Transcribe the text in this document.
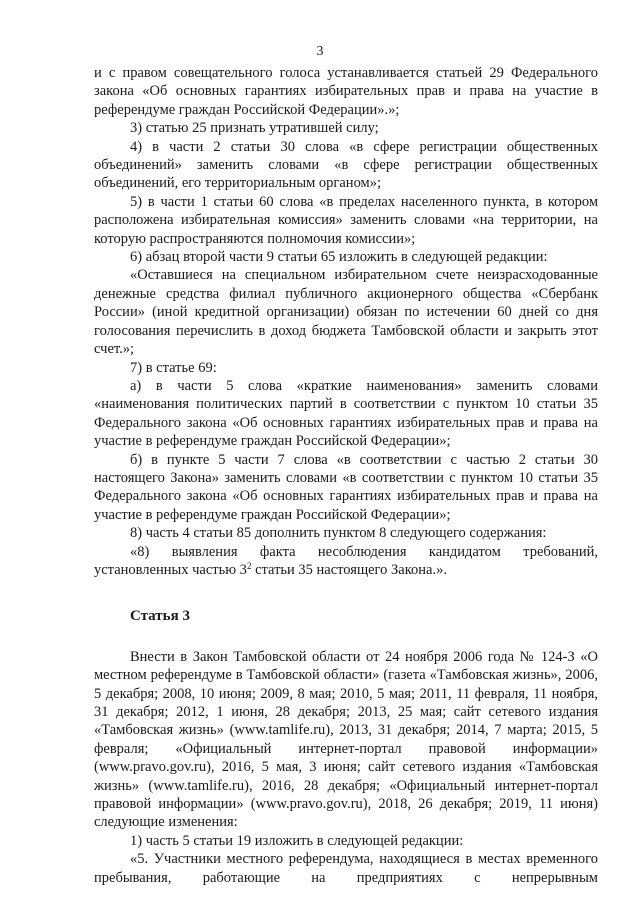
3

и с правом совещательного голоса устанавливается статьей 29 Федерального закона «Об основных гарантиях избирательных прав и права на участие в референдуме граждан Российской Федерации».»;

3) статью 25 признать утратившей силу;

4) в части 2 статьи 30 слова «в сфере регистрации общественных объединений» заменить словами «в сфере регистрации общественных объединений, его территориальным органом»;

5) в части 1 статьи 60 слова «в пределах населенного пункта, в котором расположена избирательная комиссия» заменить словами «на территории, на которую распространяются полномочия комиссии»;

6) абзац второй части 9 статьи 65 изложить в следующей редакции:

«Оставшиеся на специальном избирательном счете неизрасходованные денежные средства филиал публичного акционерного общества «Сбербанк России» (иной кредитной организации) обязан по истечении 60 дней со дня голосования перечислить в доход бюджета Тамбовской области и закрыть этот счет.»;

7) в статье 69:

а) в части 5 слова «краткие наименования» заменить словами «наименования политических партий в соответствии с пунктом 10 статьи 35 Федерального закона «Об основных гарантиях избирательных прав и права на участие в референдуме граждан Российской Федерации»;

б) в пункте 5 части 7 слова «в соответствии с частью 2 статьи 30 настоящего Закона» заменить словами «в соответствии с пунктом 10 статьи 35 Федерального закона «Об основных гарантиях избирательных прав и права на участие в референдуме граждан Российской Федерации»;

8) часть 4 статьи 85 дополнить пунктом 8 следующего содержания:

«8) выявления факта несоблюдения кандидатом требований, установленных частью $3^2$ статьи 35 настоящего Закона.».

Статья 3

Внести в Закон Тамбовской области от 24 ноября 2006 года № 124-З «О местном референдуме в Тамбовской области» (газета «Тамбовская жизнь», 2006, 5 декабря; 2008, 10 июня; 2009, 8 мая; 2010, 5 мая; 2011, 11 февраля, 11 ноября, 31 декабря; 2012, 1 июня, 28 декабря; 2013, 25 мая; сайт сетевого издания «Тамбовская жизнь» (www.tamlife.ru), 2013, 31 декабря; 2014, 7 марта; 2015, 5 февраля; «Официальный интернет-портал правовой информации» (www.pravo.gov.ru), 2016, 5 мая, 3 июня; сайт сетевого издания «Тамбовская жизнь» (www.tamlife.ru), 2016, 28 декабря; «Официальный интернет-портал правовой информации» (www.pravo.gov.ru), 2018, 26 декабря; 2019, 11 июня) следующие изменения:

1) часть 5 статьи 19 изложить в следующей редакции:

«5. Участники местного референдума, находящиеся в местах временного пребывания, работающие на предприятиях с непрерывным
